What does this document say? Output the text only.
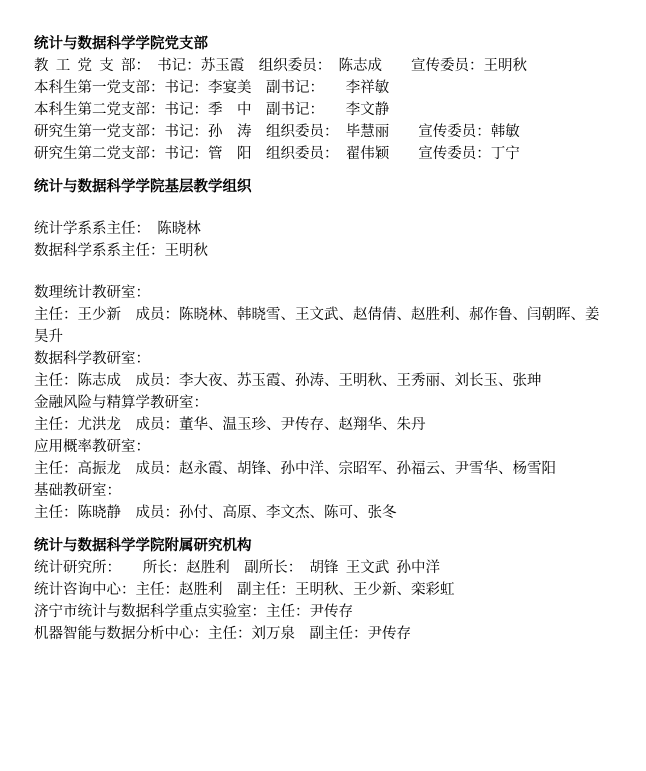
统计与数据科学学院党支部

教 工 党 支 部：　书记：苏玉霞　组织委员：　陈志成　　宣传委员：王明秋

本科生第一党支部：书记：李宴美　副书记：　　李祥敏

本科生第二党支部：书记：季　中　副书记：　　李文静

研究生第一党支部：书记：孙　涛　组织委员：　毕慧丽　　宣传委员：韩敏

研究生第二党支部：书记：管　阳　组织委员：　翟伟颖　　宣传委员：丁宁

统计与数据科学学院基层教学组织

统计学系系主任：　陈晓林

数据科学系系主任：王明秋

数理统计教研室：

主任：王少新　成员：陈晓林、韩晓雪、王文武、赵倩倩、赵胜利、郝作鲁、闫朝晖、姜昊升

数据科学教研室：

主任：陈志成　成员：李大夜、苏玉霞、孙涛、王明秋、王秀丽、刘长玉、张珅

金融风险与精算学教研室：

主任：尤洪龙　成员：董华、温玉珍、尹传存、赵翔华、朱丹

应用概率教研室：

主任：高振龙　成员：赵永霞、胡锋、孙中洋、宗昭军、孙福云、尹雪华、杨雪阳

基础教研室：

主任：陈晓静　成员：孙付、高原、李文杰、陈可、张冬

统计与数据科学学院附属研究机构

统计研究所：　　所长：赵胜利　副所长：　胡锋 王文武 孙中洋

统计咨询中心：主任：赵胜利　副主任：王明秋、王少新、栾彩虹

济宁市统计与数据科学重点实验室：主任：尹传存

机器智能与数据分析中心：主任：刘万泉　副主任：尹传存
